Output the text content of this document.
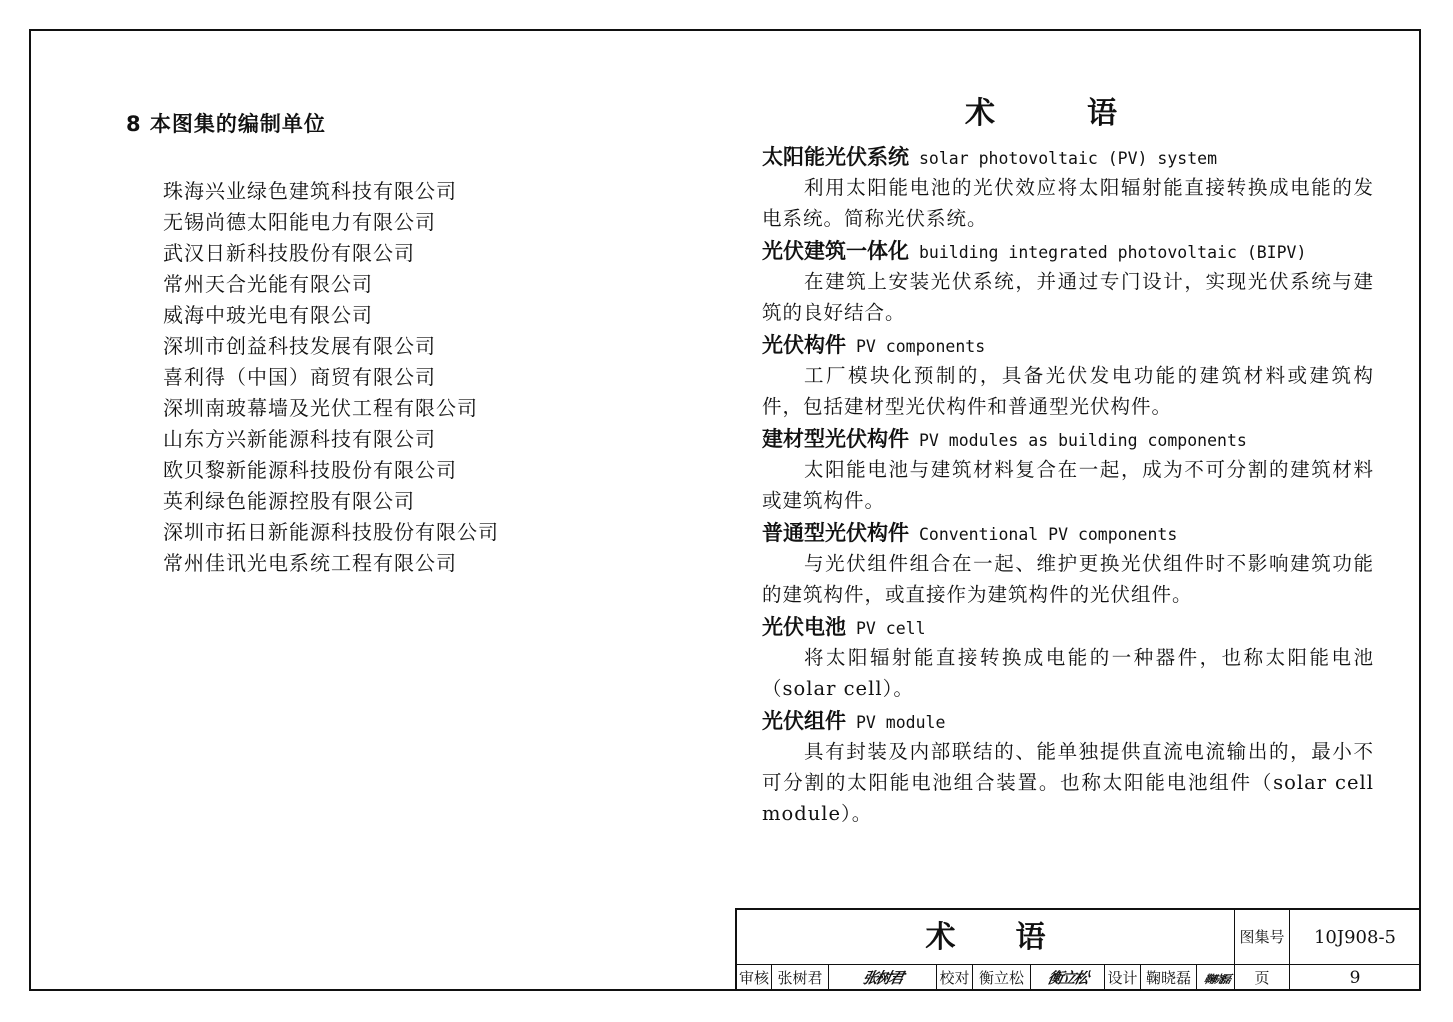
8 本图集的编制单位
珠海兴业绿色建筑科技有限公司
无锡尚德太阳能电力有限公司
武汉日新科技股份有限公司
常州天合光能有限公司
威海中玻光电有限公司
深圳市创益科技发展有限公司
喜利得（中国）商贸有限公司
深圳南玻幕墙及光伏工程有限公司
山东方兴新能源科技有限公司
欧贝黎新能源科技股份有限公司
英利绿色能源控股有限公司
深圳市拓日新能源科技股份有限公司
常州佳讯光电系统工程有限公司
术	语
太阳能光伏系统 solar photovoltaic (PV) system

利用太阳能电池的光伏效应将太阳辐射能直接转换成电能的发电系统。简称光伏系统。

光伏建筑一体化 building integrated photovoltaic (BIPV)

在建筑上安装光伏系统，并通过专门设计，实现光伏系统与建筑的良好结合。

光伏构件 PV components

工厂模块化预制的，具备光伏发电功能的建筑材料或建筑构件，包括建材型光伏构件和普通型光伏构件。

建材型光伏构件 PV modules as building components

太阳能电池与建筑材料复合在一起，成为不可分割的建筑材料或建筑构件。

普通型光伏构件 Conventional PV components

与光伏组件组合在一起、维护更换光伏组件时不影响建筑功能的建筑构件，或直接作为建筑构件的光伏组件。

光伏电池 PV cell

将太阳辐射能直接转换成电能的一种器件，也称太阳能电池（solar cell）。

光伏组件 PV module

具有封装及内部联结的、能单独提供直流电流输出的，最小不可分割的太阳能电池组合装置。也称太阳能电池组件（solar cell module）。

术 语	图集号	10J908-5
审核 张树君	张树君	校对 衡立松	衡立松	设计 鞠晓磊	鞠晓磊	页	9
